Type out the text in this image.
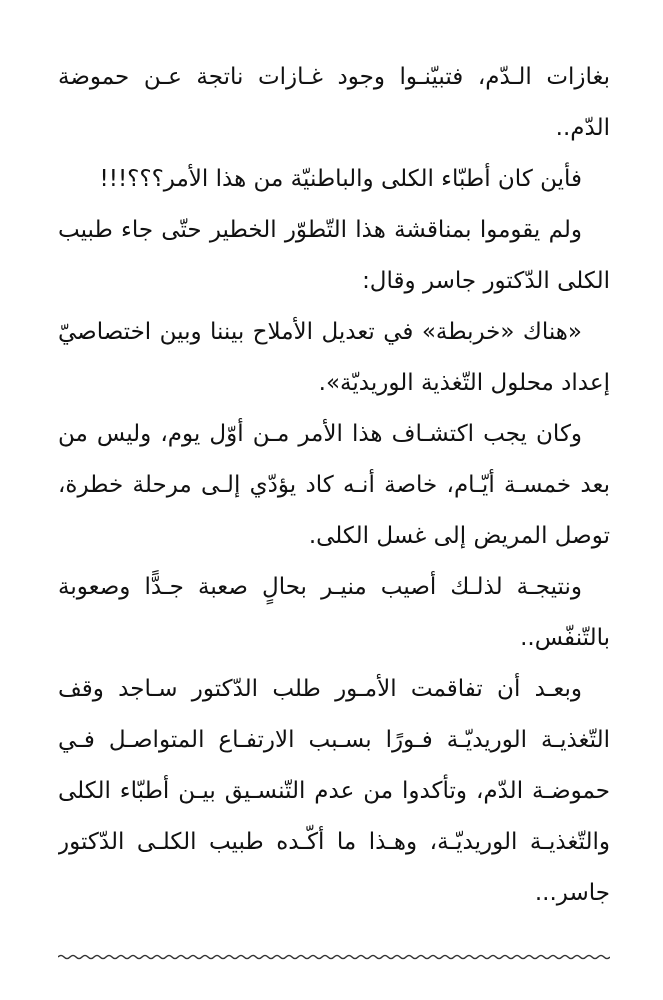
بغازات الـدّم، فتبيّنـوا وجود غـازات ناتجة عـن حموضة
الدّم..
فأين كان أطبّاء الكلى والباطنيّة من هذا الأمر؟؟؟!!!
ولم يقوموا بمناقشة هذا التّطوّر الخطير حتّى جاء طبيب
الكلى الدّكتور جاسر وقال:
«هناك «خربطة» في تعديل الأملاح بيننا وبين اختصاصيّ
إعداد محلول التّغذية الوريديّة».
وكان يجب اكتشـاف هذا الأمر مـن أوّل يوم، وليس من
بعد خمسـة أيّـام، خاصة أنـه كاد يؤدّي إلـى مرحلة خطرة،
توصل المريض إلى غسل الكلى.
ونتيجـة لذلـك أصيب منيـر بحالٍ صعبة جـدًّا وصعوبة
بالتّنفّس..
وبعـد أن تفاقمت الأمـور طلب الدّكتور سـاجد وقف
التّغذيـة الوريديّـة فـورًا بسـبب الارتفـاع المتواصـل فـي
حموضـة الدّم، وتأكدوا من عدم التّنسـيق بيـن أطبّاء الكلى
والتّغذيـة الوريديّـة، وهـذا ما أكّـده طبيب الكلـى الدّكتور
جاسر...
